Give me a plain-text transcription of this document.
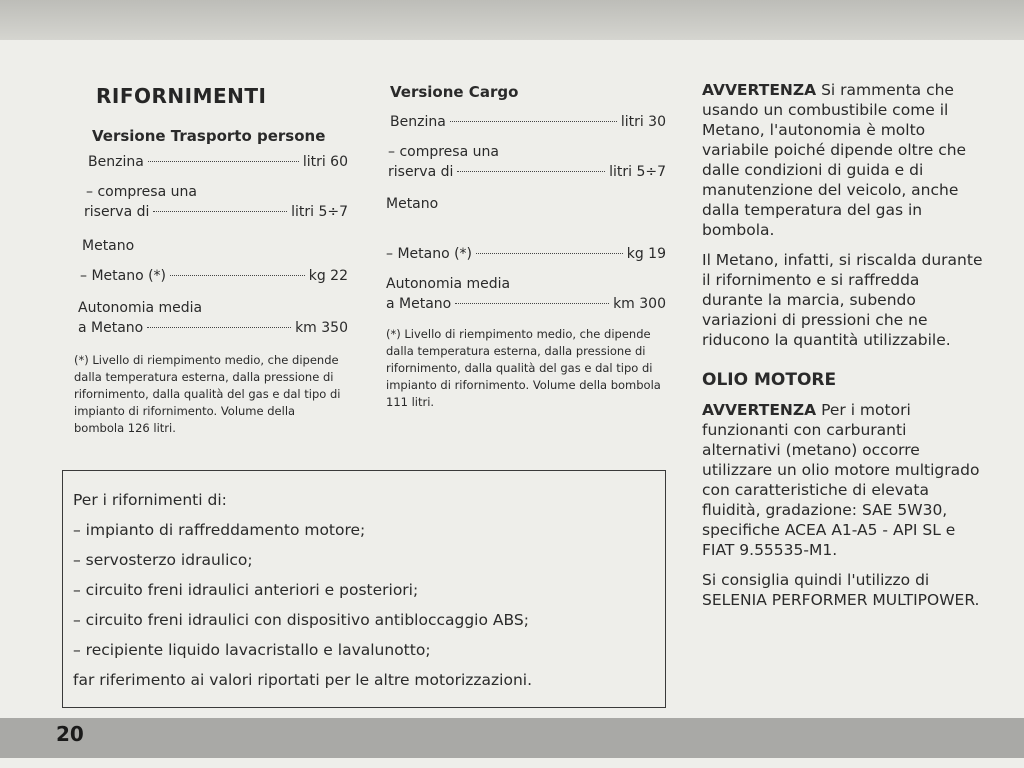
20
RIFORNIMENTI
Versione Trasporto persone
Benzina	litri 60
– compresa una
riserva di	litri 5÷7
Metano
– Metano (*)	kg 22
Autonomia media
a Metano	km 350
(*) Livello di riempimento medio, che dipende dalla temperatura esterna, dalla pressione di rifornimento, dalla qualità del gas e dal tipo di impianto di rifornimento. Volume della bombola 126 litri.
Versione Cargo
Benzina	litri 30
– compresa una
riserva di	litri 5÷7
Metano
– Metano (*)	kg 19
Autonomia media
a Metano	km 300
(*) Livello di riempimento medio, che dipende dalla temperatura esterna, dalla pressione di rifornimento, dalla qualità del gas e dal tipo di impianto di rifornimento. Volume della bombola 111 litri.
Per i rifornimenti di:
– impianto di raffreddamento motore;
– servosterzo idraulico;
– circuito freni idraulici anteriori e posteriori;
– circuito freni idraulici con dispositivo antibloccaggio ABS;
– recipiente liquido lavacristallo e lavalunotto;
far riferimento ai valori riportati per le altre motorizzazioni.

AVVERTENZA Si rammenta che usando un combustibile come il Metano, l'autonomia è molto variabile poiché dipende oltre che dalle condizioni di guida e di manutenzione del veicolo, anche dalla temperatura del gas in bombola.

Il Metano, infatti, si riscalda durante il rifornimento e si raffredda durante la marcia, subendo variazioni di pressioni che ne riducono la quantità utilizzabile.

OLIO MOTORE

AVVERTENZA Per i motori funzionanti con carburanti alternativi (metano) occorre utilizzare un olio motore multigrado con caratteristiche di elevata fluidità, gradazione: SAE 5W30, specifiche ACEA A1-A5 - API SL e FIAT 9.55535-M1.

Si consiglia quindi l'utilizzo di SELENIA PERFORMER MULTIPOWER.
